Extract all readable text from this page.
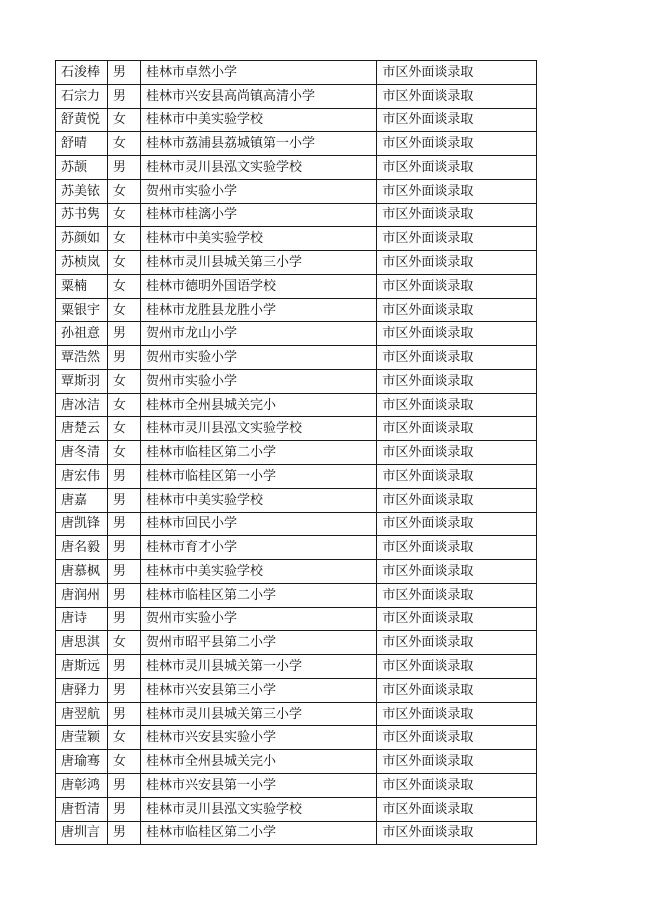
石浚棒	男	桂林市卓然小学	市区外面谈录取
石宗力	男	桂林市兴安县高尚镇高清小学	市区外面谈录取
舒黄悦	女	桂林市中美实验学校	市区外面谈录取
舒晴	女	桂林市荔浦县荔城镇第一小学	市区外面谈录取
苏颉	男	桂林市灵川县泓文实验学校	市区外面谈录取
苏美铱	女	贺州市实验小学	市区外面谈录取
苏书隽	女	桂林市桂漓小学	市区外面谈录取
苏颜如	女	桂林市中美实验学校	市区外面谈录取
苏桢岚	女	桂林市灵川县城关第三小学	市区外面谈录取
粟楠	女	桂林市德明外国语学校	市区外面谈录取
粟银宇	女	桂林市龙胜县龙胜小学	市区外面谈录取
孙祖意	男	贺州市龙山小学	市区外面谈录取
覃浩然	男	贺州市实验小学	市区外面谈录取
覃斯羽	女	贺州市实验小学	市区外面谈录取
唐冰洁	女	桂林市全州县城关完小	市区外面谈录取
唐楚云	女	桂林市灵川县泓文实验学校	市区外面谈录取
唐冬清	女	桂林市临桂区第二小学	市区外面谈录取
唐宏伟	男	桂林市临桂区第一小学	市区外面谈录取
唐嘉	男	桂林市中美实验学校	市区外面谈录取
唐凯锋	男	桂林市回民小学	市区外面谈录取
唐名毅	男	桂林市育才小学	市区外面谈录取
唐慕枫	男	桂林市中美实验学校	市区外面谈录取
唐润州	男	桂林市临桂区第二小学	市区外面谈录取
唐诗	男	贺州市实验小学	市区外面谈录取
唐思淇	女	贺州市昭平县第二小学	市区外面谈录取
唐斯远	男	桂林市灵川县城关第一小学	市区外面谈录取
唐驿力	男	桂林市兴安县第三小学	市区外面谈录取
唐翌航	男	桂林市灵川县城关第三小学	市区外面谈录取
唐莹颖	女	桂林市兴安县实验小学	市区外面谈录取
唐瑜骞	女	桂林市全州县城关完小	市区外面谈录取
唐彰鸿	男	桂林市兴安县第一小学	市区外面谈录取
唐哲清	男	桂林市灵川县泓文实验学校	市区外面谈录取
唐圳言	男	桂林市临桂区第二小学	市区外面谈录取
